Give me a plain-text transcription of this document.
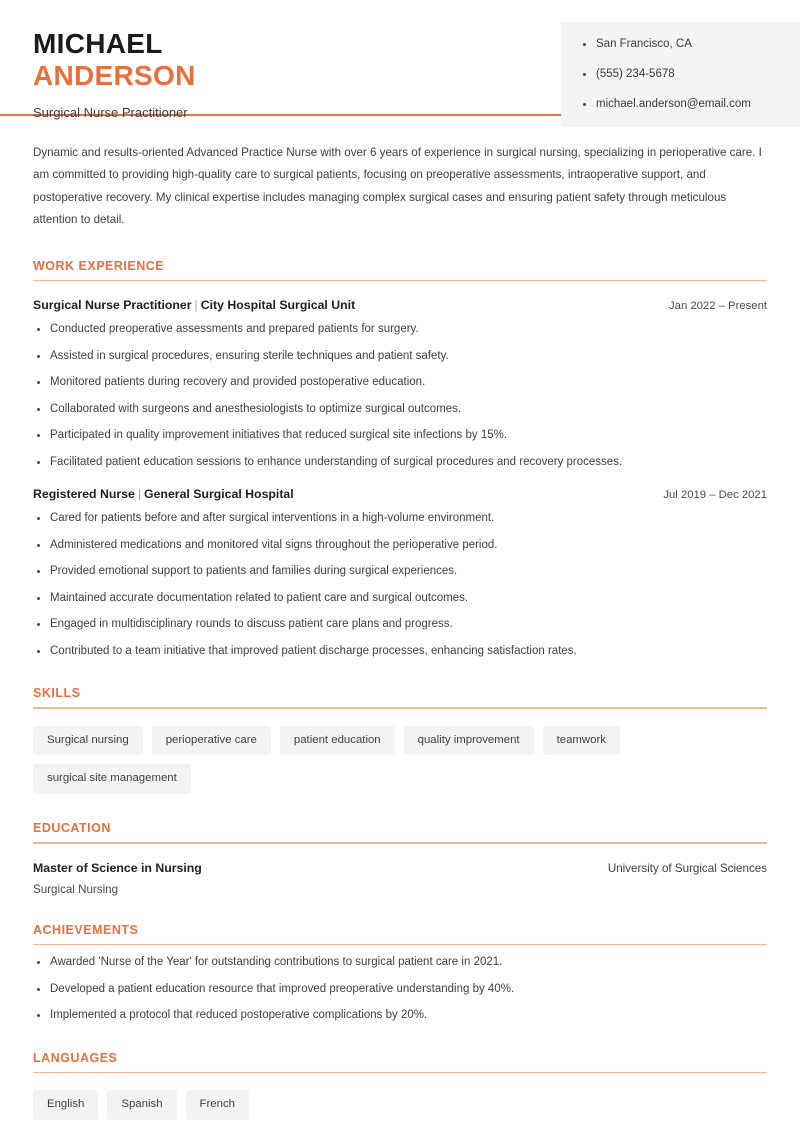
MICHAEL
ANDERSON
Surgical Nurse Practitioner
San Francisco, CA
(555) 234-5678
michael.anderson@email.com

Dynamic and results-oriented Advanced Practice Nurse with over 6 years of experience in surgical nursing, specializing in perioperative care. I am committed to providing high-quality care to surgical patients, focusing on preoperative assessments, intraoperative support, and postoperative recovery. My clinical expertise includes managing complex surgical cases and ensuring patient safety through meticulous attention to detail.

WORK EXPERIENCE
Surgical Nurse Practitioner | City Hospital Surgical Unit	Jan 2022 – Present
Conducted preoperative assessments and prepared patients for surgery.
Assisted in surgical procedures, ensuring sterile techniques and patient safety.
Monitored patients during recovery and provided postoperative education.
Collaborated with surgeons and anesthesiologists to optimize surgical outcomes.
Participated in quality improvement initiatives that reduced surgical site infections by 15%.
Facilitated patient education sessions to enhance understanding of surgical procedures and recovery processes.
Registered Nurse | General Surgical Hospital	Jul 2019 – Dec 2021
Cared for patients before and after surgical interventions in a high-volume environment.
Administered medications and monitored vital signs throughout the perioperative period.
Provided emotional support to patients and families during surgical experiences.
Maintained accurate documentation related to patient care and surgical outcomes.
Engaged in multidisciplinary rounds to discuss patient care plans and progress.
Contributed to a team initiative that improved patient discharge processes, enhancing satisfaction rates.
SKILLS
Surgical nursing	perioperative care	patient education	quality improvement	teamwork
surgical site management
EDUCATION
Master of Science in Nursing	University of Surgical Sciences
Surgical Nursing
ACHIEVEMENTS
Awarded 'Nurse of the Year' for outstanding contributions to surgical patient care in 2021.
Developed a patient education resource that improved preoperative understanding by 40%.
Implemented a protocol that reduced postoperative complications by 20%.
LANGUAGES
English	Spanish	French
